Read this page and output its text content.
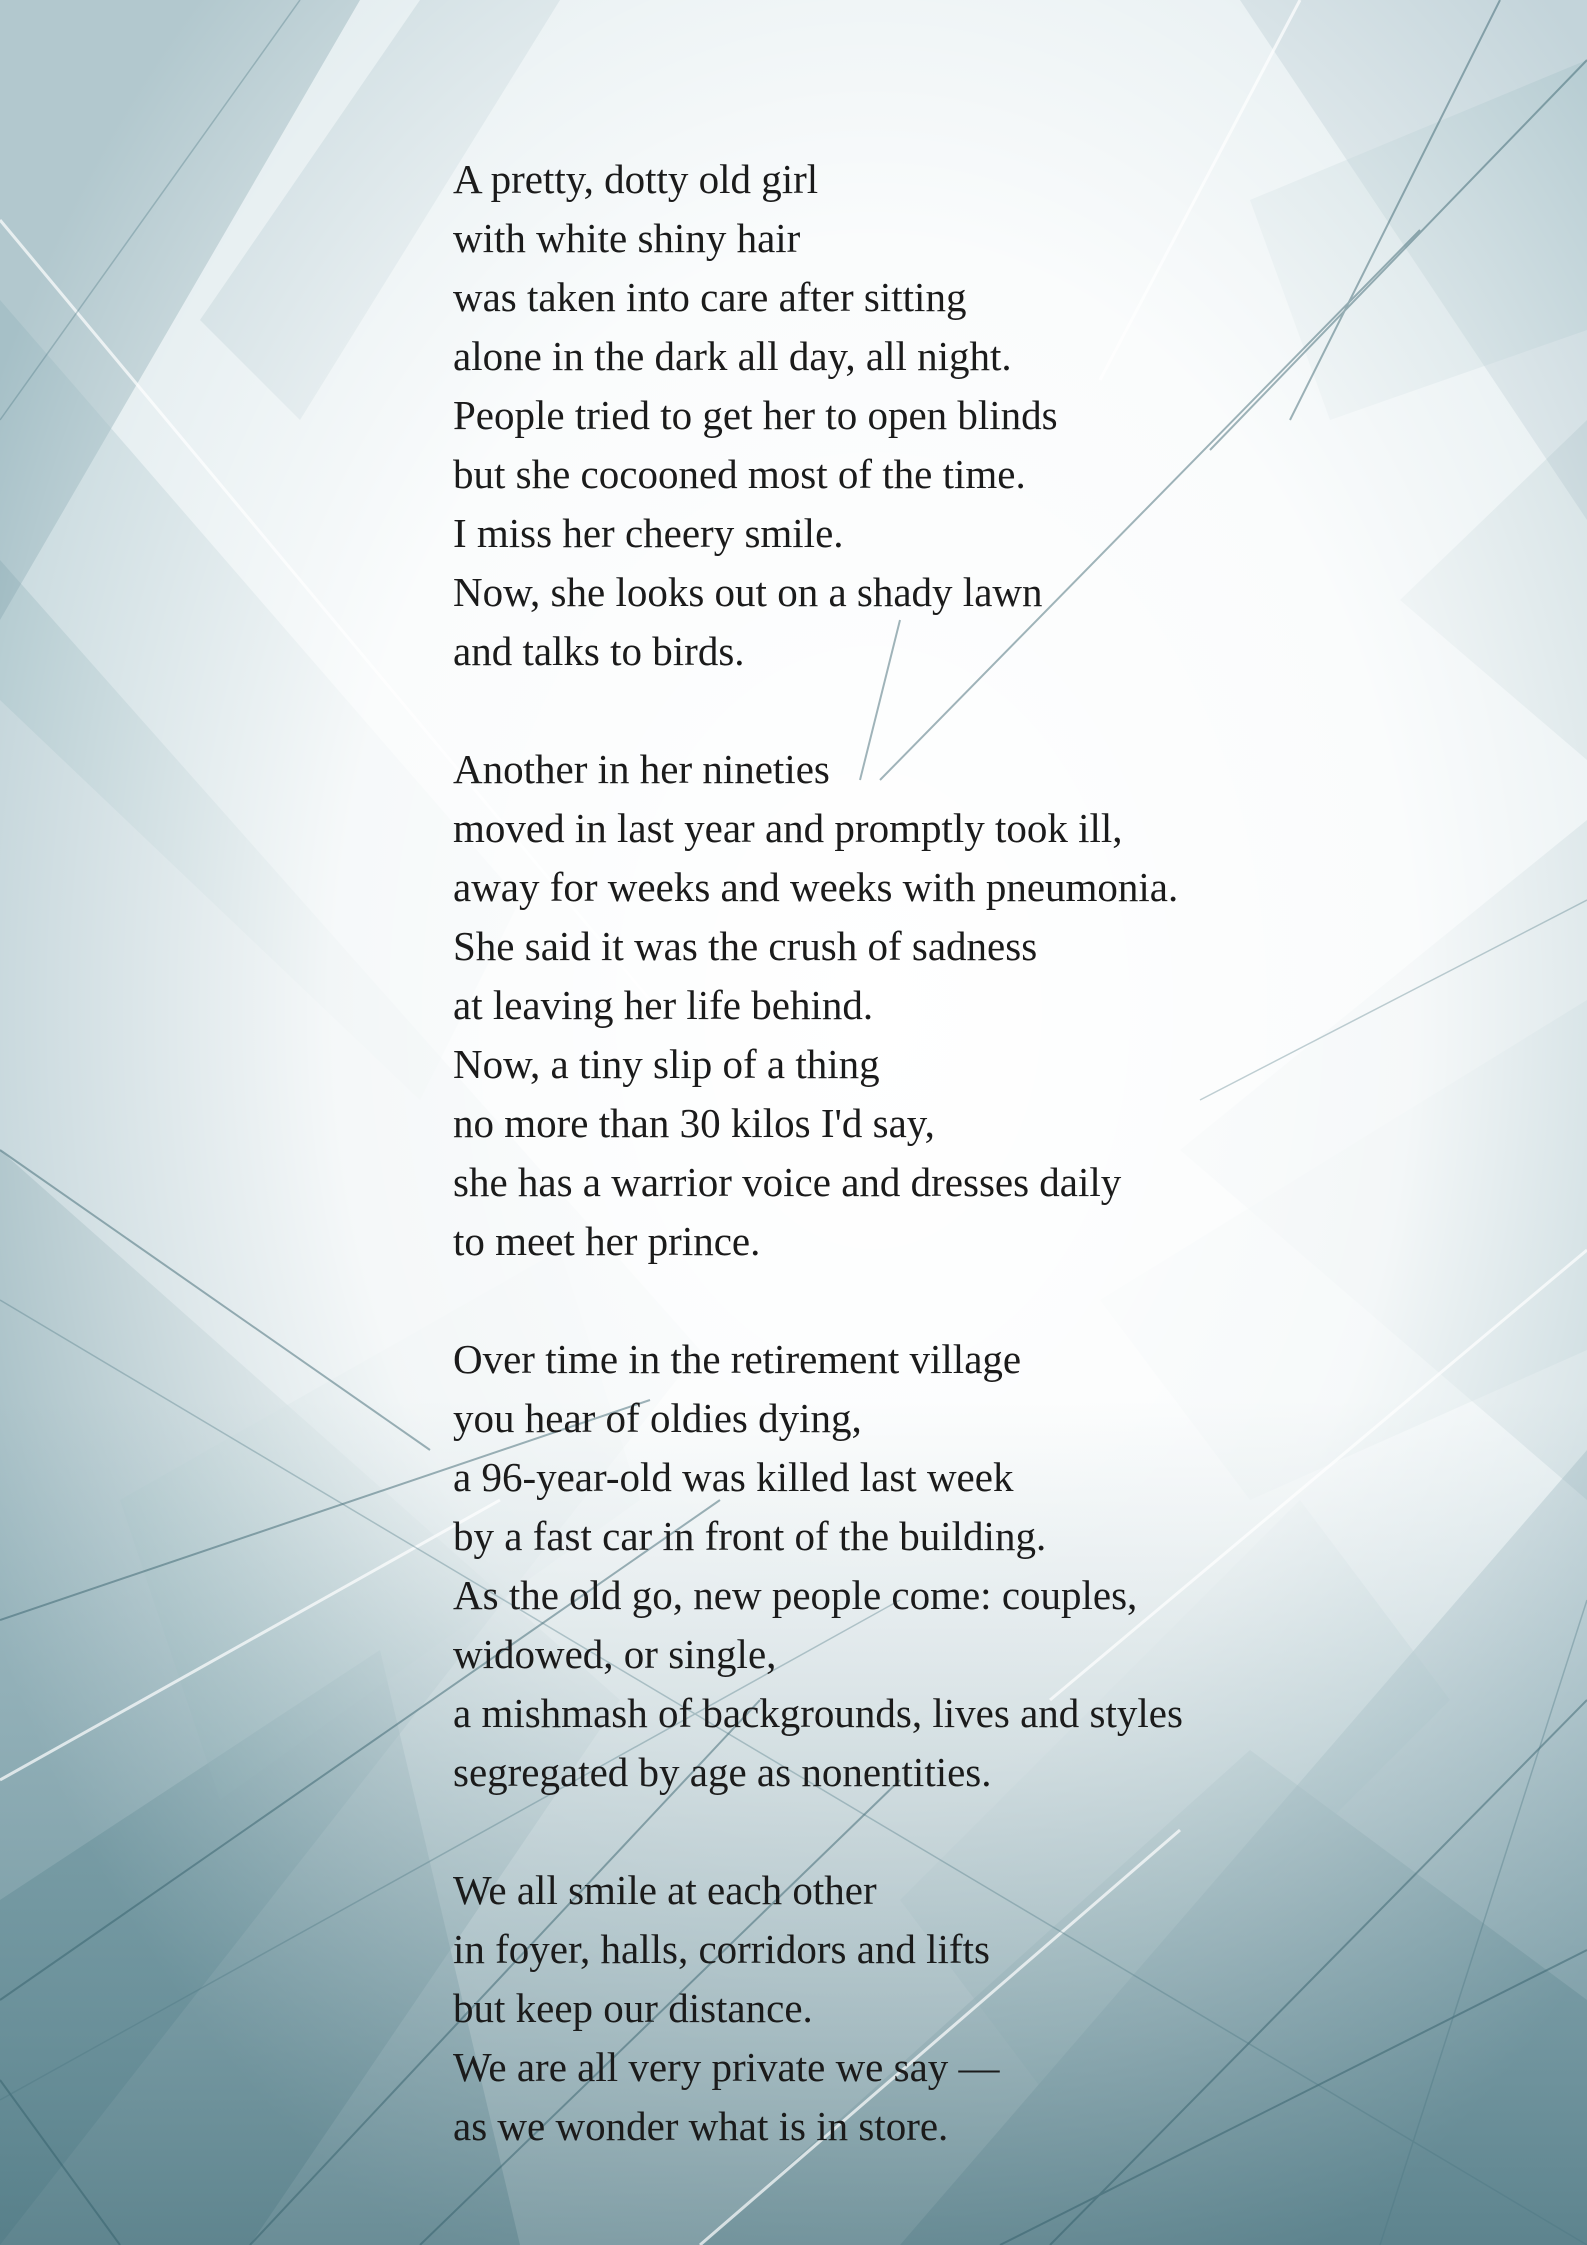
A pretty, dotty old girl
with white shiny hair
was taken into care after sitting
alone in the dark all day, all night.
People tried to get her to open blinds
but she cocooned most of the time.
I miss her cheery smile.
Now, she looks out on a shady lawn
and talks to birds.
Another in her nineties
moved in last year and promptly took ill,
away for weeks and weeks with pneumonia.
She said it was the crush of sadness
at leaving her life behind.
Now, a tiny slip of a thing
no more than 30 kilos I'd say,
she has a warrior voice and dresses daily
to meet her prince.
Over time in the retirement village
you hear of oldies dying,
a 96-year-old was killed last week
by a fast car in front of the building.
As the old go, new people come: couples,
widowed, or single,
a mishmash of backgrounds, lives and styles
segregated by age as nonentities.
We all smile at each other
in foyer, halls, corridors and lifts
but keep our distance.
We are all very private we say —
as we wonder what is in store.
